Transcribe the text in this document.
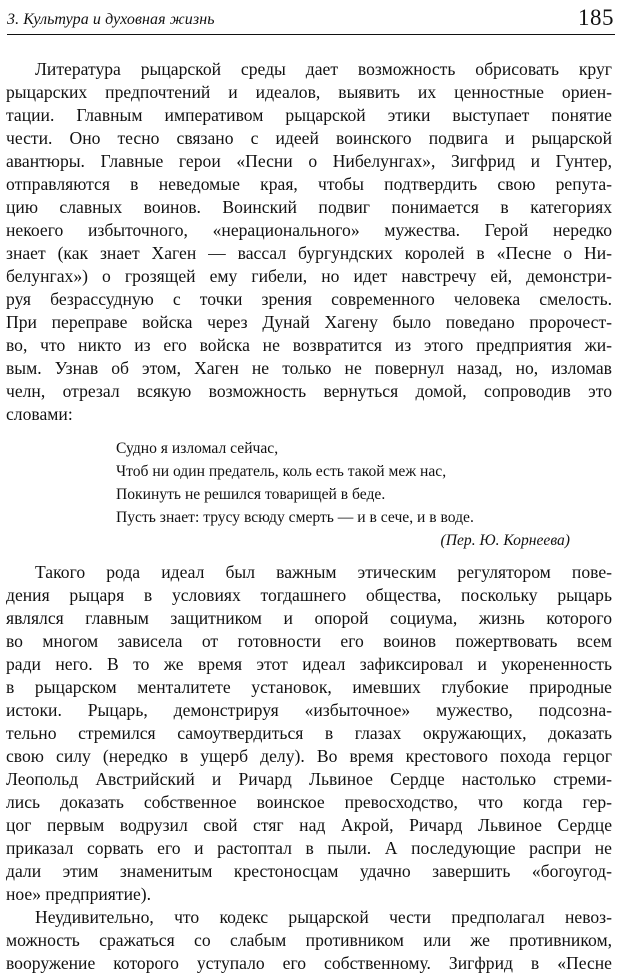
3. Культура и духовная жизнь	185
Литература рыцарской среды дает возможность обрисовать круг
рыцарских предпочтений и идеалов, выявить их ценностные ориен-
тации. Главным императивом рыцарской этики выступает понятие
чести. Оно тесно связано с идеей воинского подвига и рыцарской
авантюры. Главные герои «Песни о Нибелунгах», Зигфрид и Гунтер,
отправляются в неведомые края, чтобы подтвердить свою репута-
цию славных воинов. Воинский подвиг понимается в категориях
некоего избыточного, «нерационального» мужества. Герой нередко
знает (как знает Хаген — вассал бургундских королей в «Песне о Ни-
белунгах») о грозящей ему гибели, но идет навстречу ей, демонстри-
руя безрассудную с точки зрения современного человека смелость.
При переправе войска через Дунай Хагену было поведано пророчест-
во, что никто из его войска не возвратится из этого предприятия жи-
вым. Узнав об этом, Хаген не только не повернул назад, но, изломав
челн, отрезал всякую возможность вернуться домой, сопроводив это
словами:
Судно я изломал сейчас,
Чтоб ни один предатель, коль есть такой меж нас,
Покинуть не решился товарищей в беде.
Пусть знает: трусу всюду смерть — и в сече, и в воде.
(Пер. Ю. Корнеева)
Такого рода идеал был важным этическим регулятором пове-
дения рыцаря в условиях тогдашнего общества, поскольку рыцарь
являлся главным защитником и опорой социума, жизнь которого
во многом зависела от готовности его воинов пожертвовать всем
ради него. В то же время этот идеал зафиксировал и укорененность
в рыцарском менталитете установок, имевших глубокие природные
истоки. Рыцарь, демонстрируя «избыточное» мужество, подсозна-
тельно стремился самоутвердиться в глазах окружающих, доказать
свою силу (нередко в ущерб делу). Во время крестового похода герцог
Леопольд Австрийский и Ричард Львиное Сердце настолько стреми-
лись доказать собственное воинское превосходство, что когда гер-
цог первым водрузил свой стяг над Акрой, Ричард Львиное Сердце
приказал сорвать его и растоптал в пыли. А последующие распри не
дали этим знаменитым крестоносцам удачно завершить «богоугод-
ное» предприятие).
Неудивительно, что кодекс рыцарской чести предполагал невоз-
можность сражаться со слабым противником или же противником,
вооружение которого уступало его собственному. Зигфрид в «Песне
